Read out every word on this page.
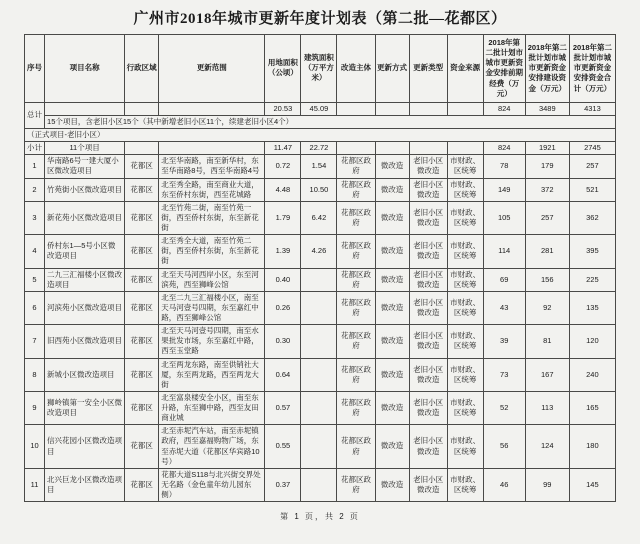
广州市2018年城市更新年度计划表（第二批—花都区）
序号	项目名称	行政区域	更新范围	用地面积（公顷）	建筑面积（万平方米）	改造主体	更新方式	更新类型	资金来源	2018年第二批计划市城市更新资金安排前期经费（万元）	2018年第二批计划市城市更新资金安排建设资金（万元）	2018年第二批计划市城市更新资金安排资金合计（万元）
总计				20.53	45.09					824	3489	4313
	15个项目，含老旧小区15个（其中新增老旧小区11个，续建老旧小区4个）											
（正式项目-老旧小区）												
小计	11个项目			11.47	22.72					824	1921	2745
1	华南路6号一建大厦小区微改造项目	花都区	北至华南路，南至新华村，东至华南路8号，西至华南路4号	0.72	1.54	花都区政府	微改造	老旧小区微改造	市财政、区统筹	78	179	257
2	竹苑街小区微改造项目	花都区	北至秀全路，南至商业大道，东至侨村东街，西至花城路	4.48	10.50	花都区政府	微改造	老旧小区微改造	市财政、区统筹	149	372	521
3	新花苑小区微改造项目	花都区	北至竹苑二街，南至竹苑一街，西至侨村东街，东至新花街	1.79	6.42	花都区政府	微改造	老旧小区微改造	市财政、区统筹	105	257	362
4	侨村东1—5号小区微改造项目	花都区	北至秀全大道，南至竹苑二街，西至侨村东街，东至新花街	1.39	4.26	花都区政府	微改造	老旧小区微改造	市财政、区统筹	114	281	395
5	二九三汇福楼小区微改造项目	花都区	北至天马河西岸小区，东至河滨苑，西至狮峰公馆	0.40		花都区政府	微改造	老旧小区微改造	市财政、区统筹	69	156	225
6	河滨苑小区微改造项目	花都区	北至二九三汇福楼小区，南至天马河壹号四期，东至嘉红中路，西至狮峰公馆	0.26		花都区政府	微改造	老旧小区微改造	市财政、区统筹	43	92	135
7	旧西苑小区微改造项目	花都区	北至天马河壹号四期，南至水果批发市场，东至嘉红中路，西至玉堂路	0.30		花都区政府	微改造	老旧小区微改造	市财政、区统筹	39	81	120
8	新城小区微改造项目	花都区	北至两龙东路，南至供销社大厦，东至两龙路，西至两龙大街	0.64		花都区政府	微改造	老旧小区微改造	市财政、区统筹	73	167	240
9	狮岭镇第一安全小区微改造项目	花都区	北至富泉楼安全小区，南至东升路，东至狮中路，西至友田商业城	0.57		花都区政府	微改造	老旧小区微改造	市财政、区统筹	52	113	165
10	信兴花园小区微改造项目	花都区	北至赤坭汽车站，南至赤坭镇政府，西至嘉福购物广场，东至赤坭大道（花都区华宾路10号）	0.55		花都区政府	微改造	老旧小区微改造	市财政、区统筹	56	124	180
11	北兴巨龙小区微改造项目	花都区	花都大道S118与北兴街交界处无名路（金色童年幼儿园东侧）	0.37		花都区政府	微改造	老旧小区微改造	市财政、区统筹	46	99	145
第 1 页，共 2 页
